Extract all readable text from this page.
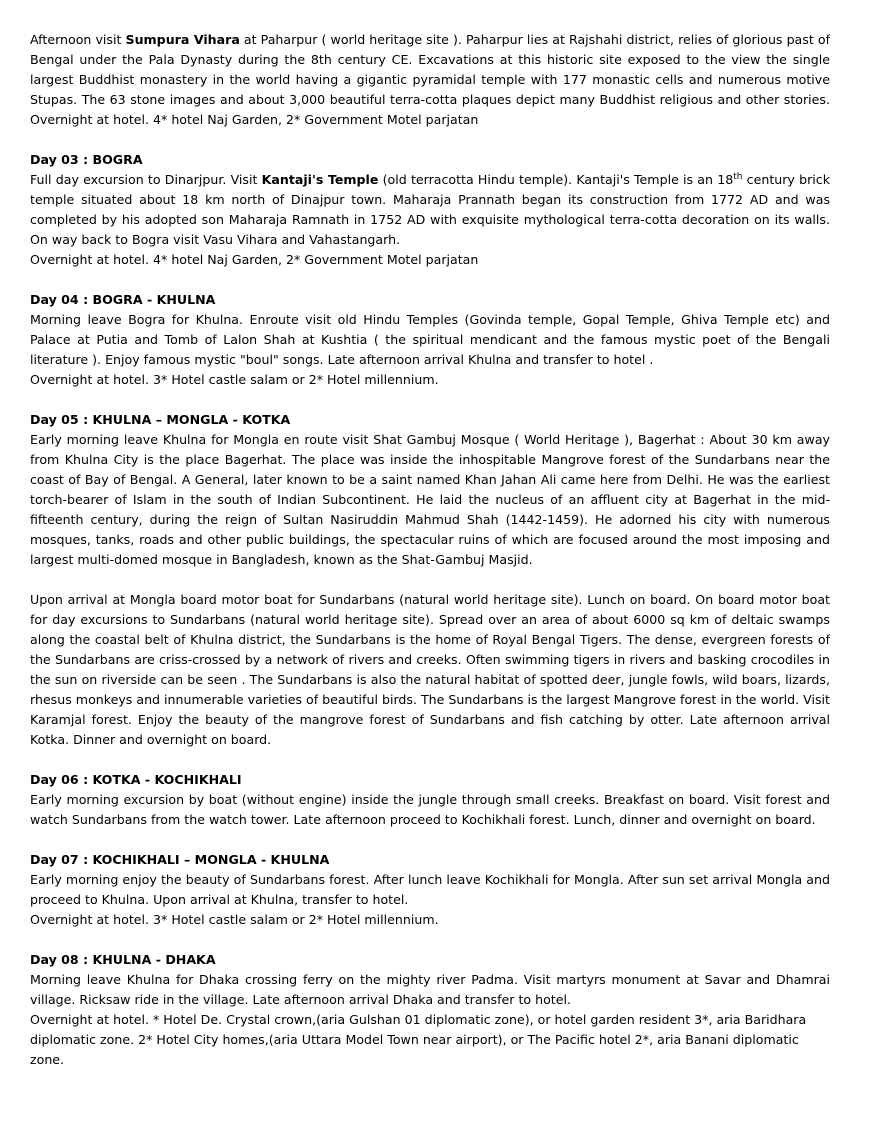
Afternoon visit Sumpura Vihara at Paharpur ( world heritage site ). Paharpur lies at Rajshahi district, relies of glorious past of Bengal under the Pala Dynasty during the 8th century CE. Excavations at this historic site exposed to the view the single largest Buddhist monastery in the world having a gigantic pyramidal temple with 177 monastic cells and numerous motive Stupas. The 63 stone images and about 3,000 beautiful terra-cotta plaques depict many Buddhist religious and other stories. Overnight at hotel. 4* hotel Naj Garden, 2* Government Motel parjatan

Day 03 : BOGRA

Full day excursion to Dinarjpur. Visit Kantaji's Temple (old terracotta Hindu temple). Kantaji's Temple is an 18th century brick temple situated about 18 km north of Dinajpur town. Maharaja Prannath began its construction from 1772 AD and was completed by his adopted son Maharaja Ramnath in 1752 AD with exquisite mythological terra-cotta decoration on its walls. On way back to Bogra visit Vasu Vihara and Vahastangarh.

Overnight at hotel. 4* hotel Naj Garden, 2* Government Motel parjatan

Day 04 : BOGRA - KHULNA

Morning leave Bogra for Khulna. Enroute visit old Hindu Temples (Govinda temple, Gopal Temple, Ghiva Temple etc) and Palace at Putia and Tomb of Lalon Shah at Kushtia ( the spiritual mendicant and the famous mystic poet of the Bengali literature ). Enjoy famous mystic "boul" songs. Late afternoon arrival Khulna and transfer to hotel .

Overnight at hotel. 3* Hotel castle salam or 2* Hotel millennium.

Day 05 : KHULNA – MONGLA - KOTKA

Early morning leave Khulna for Mongla en route visit Shat Gambuj Mosque ( World Heritage ), Bagerhat : About 30 km away from Khulna City is the place Bagerhat. The place was inside the inhospitable Mangrove forest of the Sundarbans near the coast of Bay of Bengal. A General, later known to be a saint named Khan Jahan Ali came here from Delhi. He was the earliest torch-bearer of Islam in the south of Indian Subcontinent. He laid the nucleus of an affluent city at Bagerhat in the mid-fifteenth century, during the reign of Sultan Nasiruddin Mahmud Shah (1442-1459). He adorned his city with numerous mosques, tanks, roads and other public buildings, the spectacular ruins of which are focused around the most imposing and largest multi-domed mosque in Bangladesh, known as the Shat-Gambuj Masjid.

Upon arrival at Mongla board motor boat for Sundarbans (natural world heritage site). Lunch on board. On board motor boat for day excursions to Sundarbans (natural world heritage site). Spread over an area of about 6000 sq km of deltaic swamps along the coastal belt of Khulna district, the Sundarbans is the home of Royal Bengal Tigers. The dense, evergreen forests of the Sundarbans are criss-crossed by a network of rivers and creeks. Often swimming tigers in rivers and basking crocodiles in the sun on riverside can be seen . The Sundarbans is also the natural habitat of spotted deer, jungle fowls, wild boars, lizards, rhesus monkeys and innumerable varieties of beautiful birds. The Sundarbans is the largest Mangrove forest in the world. Visit Karamjal forest. Enjoy the beauty of the mangrove forest of Sundarbans and fish catching by otter. Late afternoon arrival Kotka. Dinner and overnight on board.

Day 06 : KOTKA - KOCHIKHALI

Early morning excursion by boat (without engine) inside the jungle through small creeks. Breakfast on board. Visit forest and watch Sundarbans from the watch tower. Late afternoon proceed to Kochikhali forest. Lunch, dinner and overnight on board.

Day 07 : KOCHIKHALI – MONGLA - KHULNA

Early morning enjoy the beauty of Sundarbans forest. After lunch leave Kochikhali for Mongla. After sun set arrival Mongla and proceed to Khulna. Upon arrival at Khulna, transfer to hotel.

Overnight at hotel. 3* Hotel castle salam or 2* Hotel millennium.

Day 08 : KHULNA - DHAKA

Morning leave Khulna for Dhaka crossing ferry on the mighty river Padma. Visit martyrs monument at Savar and Dhamrai village. Ricksaw ride in the village. Late afternoon arrival Dhaka and transfer to hotel.

Overnight at hotel. * Hotel De. Crystal crown,(aria Gulshan 01 diplomatic zone), or hotel garden resident 3*, aria Baridhara diplomatic zone. 2* Hotel City homes,(aria Uttara Model Town near airport), or The Pacific hotel 2*, aria Banani diplomatic zone.
